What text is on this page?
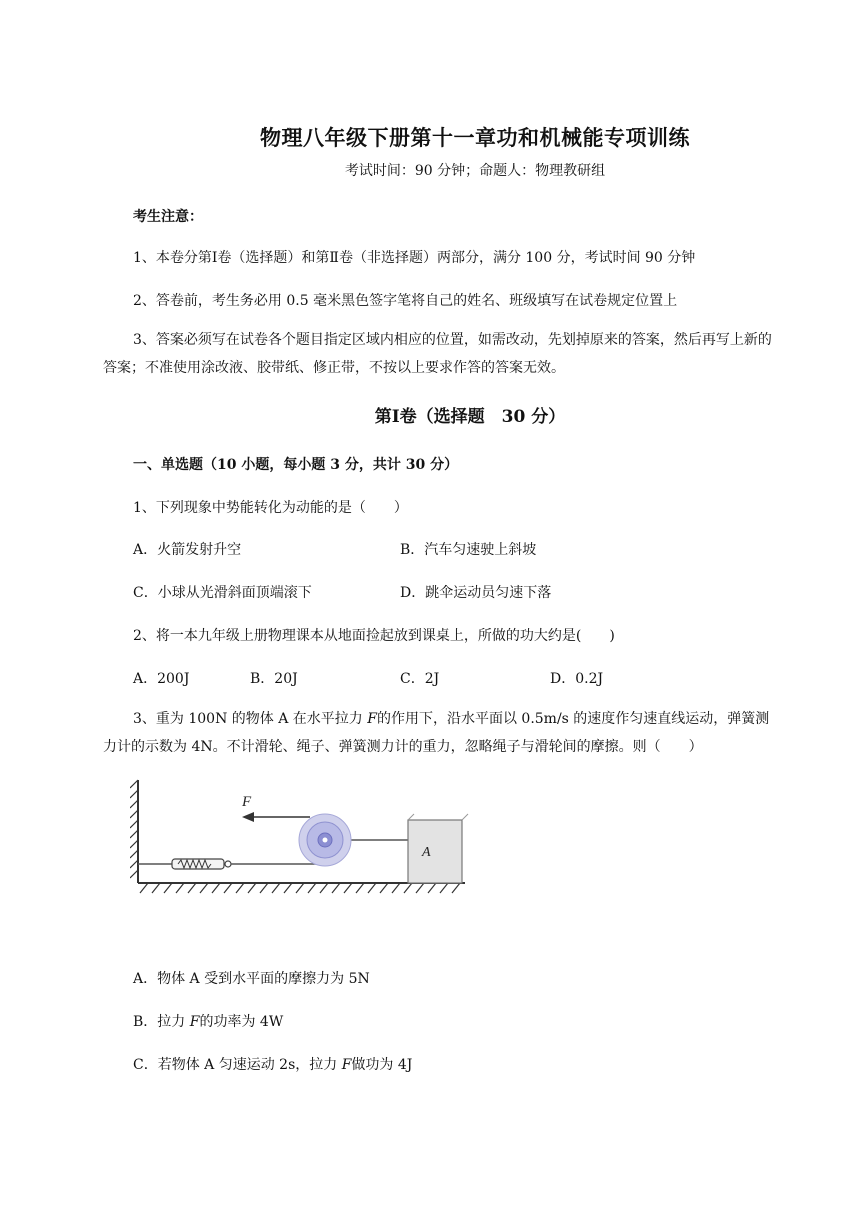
物理八年级下册第十一章功和机械能专项训练
考试时间：90 分钟；命题人：物理教研组
考生注意：
1、本卷分第Ⅰ卷（选择题）和第Ⅱ卷（非选择题）两部分，满分 100 分，考试时间 90 分钟
2、答卷前，考生务必用 0.5 毫米黑色签字笔将自己的姓名、班级填写在试卷规定位置上
3、答案必须写在试卷各个题目指定区域内相应的位置，如需改动，先划掉原来的答案，然后再写上新的答案；不准使用涂改液、胶带纸、修正带，不按以上要求作答的答案无效。
第Ⅰ卷（选择题　30 分）
一、单选题（10 小题，每小题 3 分，共计 30 分）
1、下列现象中势能转化为动能的是（　　）
A．火箭发射升空	B．汽车匀速驶上斜坡
C．小球从光滑斜面顶端滚下	D．跳伞运动员匀速下落
2、将一本九年级上册物理课本从地面捡起放到课桌上，所做的功大约是(　　)
A．200J	B．20J	C．2J	D．0.2J
3、重为 100N 的物体 A 在水平拉力 F的作用下，沿水平面以 0.5m/s 的速度作匀速直线运动，弹簧测力计的示数为 4N。不计滑轮、绳子、弹簧测力计的重力，忽略绳子与滑轮间的摩擦。则（　　）
F
A
A．物体 A 受到水平面的摩擦力为 5N
B．拉力 F的功率为 4W
C．若物体 A 匀速运动 2s，拉力 F做功为 4J
